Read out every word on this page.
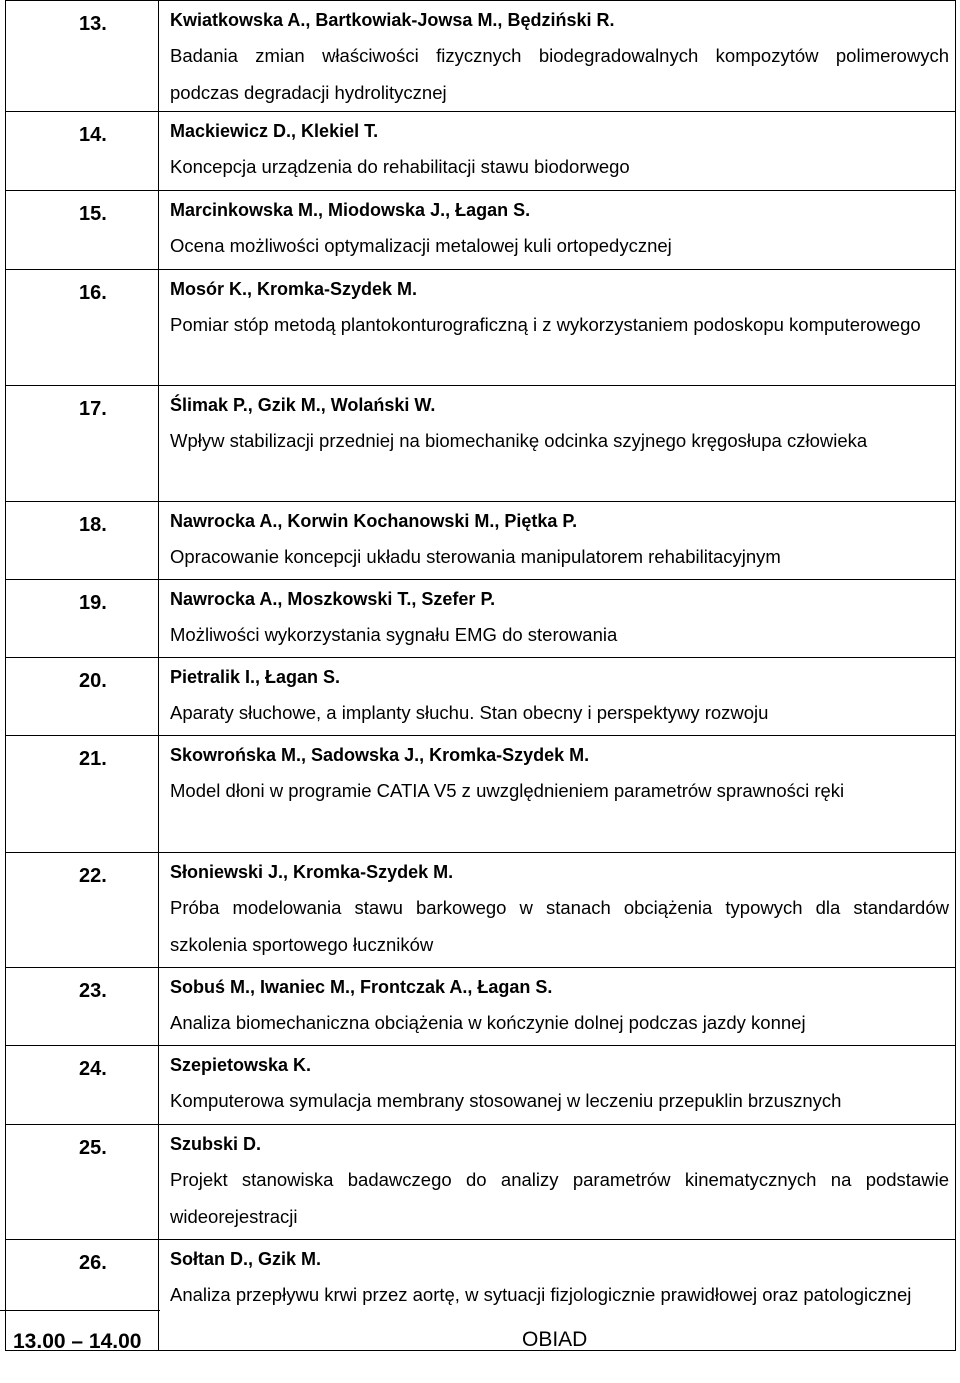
13.	Kwiatkowska A., Bartkowiak-Jowsa M., Będziński R.
Badania zmian właściwości fizycznych biodegradowalnych kompozytów polimerowych podczas degradacji hydrolitycznej

14.	Mackiewicz D., Klekiel T.
Koncepcja urządzenia do rehabilitacji stawu biodorwego

15.	Marcinkowska M., Miodowska J., Łagan S.
Ocena możliwości optymalizacji metalowej kuli ortopedycznej

16.	Mosór K., Kromka-Szydek M.
Pomiar stóp metodą plantokonturograficzną i z wykorzystaniem podoskopu komputerowego

17.	Ślimak P., Gzik M., Wolański W.
Wpływ stabilizacji przedniej na biomechanikę odcinka szyjnego kręgosłupa człowieka

18.	Nawrocka A., Korwin Kochanowski M., Piętka P.
Opracowanie koncepcji układu sterowania manipulatorem rehabilitacyjnym

19.	Nawrocka A., Moszkowski T., Szefer P.
Możliwości wykorzystania sygnału EMG do sterowania

20.	Pietralik I., Łagan S.
Aparaty słuchowe, a implanty słuchu. Stan obecny i perspektywy rozwoju

21.	Skowrońska M., Sadowska J., Kromka-Szydek M.
Model dłoni w programie CATIA V5 z uwzględnieniem parametrów sprawności ręki

22.	Słoniewski J., Kromka-Szydek M.
Próba modelowania stawu barkowego w stanach obciążenia typowych dla standardów szkolenia sportowego łuczników

23.	Sobuś M., Iwaniec M., Frontczak A., Łagan S.
Analiza biomechaniczna obciążenia w kończynie dolnej podczas jazdy konnej

24.	Szepietowska K.
Komputerowa symulacja membrany stosowanej w leczeniu przepuklin brzusznych

25.	Szubski D.
Projekt stanowiska badawczego do analizy parametrów kinematycznych na podstawie wideorejestracji

26.	Sołtan D., Gzik M.
Analiza przepływu krwi przez aortę, w sytuacji fizjologicznie prawidłowej oraz patologicznej
13.00 – 14.00	OBIAD
